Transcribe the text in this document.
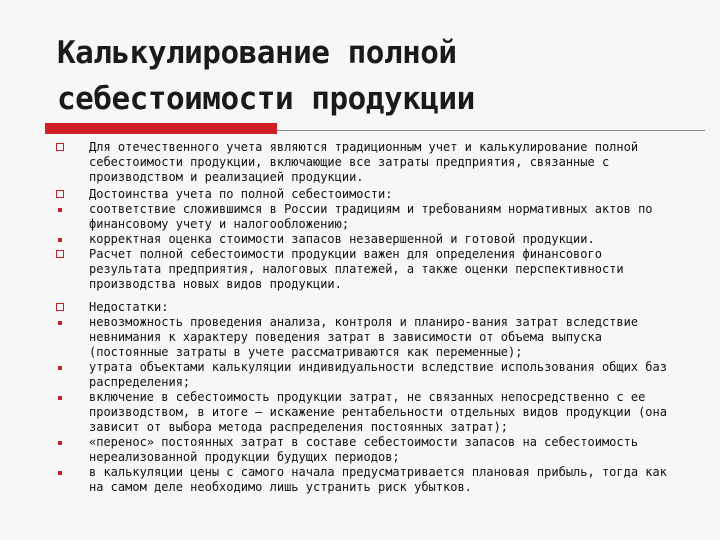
Калькулирование полной
себестоимости продукции
Для отечественного учета являются традиционным учет и калькулирование полной себестоимости продукции, включающие все затраты предприятия, связанные с производством и реализацией продукции.
Достоинства учета по полной себестоимости:
соответствие сложившимся в России традициям и требованиям нормативных актов по финансовому учету и налогообложению;
корректная оценка стоимости запасов незавершенной и готовой продукции.
Расчет полной себестоимости продукции важен для определения финансового результата предприятия, налоговых платежей, а также оценки перспективности производства новых видов продукции.
Недостатки:
невозможность проведения анализа, контроля и планиро-вания затрат вследствие невнимания к характеру поведения затрат в зависимости от объема выпуска (постоянные затраты в учете рассматриваются как переменные);
утрата объектами калькуляции индивидуальности вследствие использования общих баз распределения;
включение в себестоимость продукции затрат, не связанных непосредственно с ее производством, в итоге – искажение рентабельности отдельных видов продукции (она зависит от выбора метода распределения постоянных затрат);
«перенос» постоянных затрат в составе себестоимости запасов на себестоимость нереализованной продукции будущих периодов;
в калькуляции цены с самого начала предусматривается плановая прибыль, тогда как на самом деле необходимо лишь устранить риск убытков.
